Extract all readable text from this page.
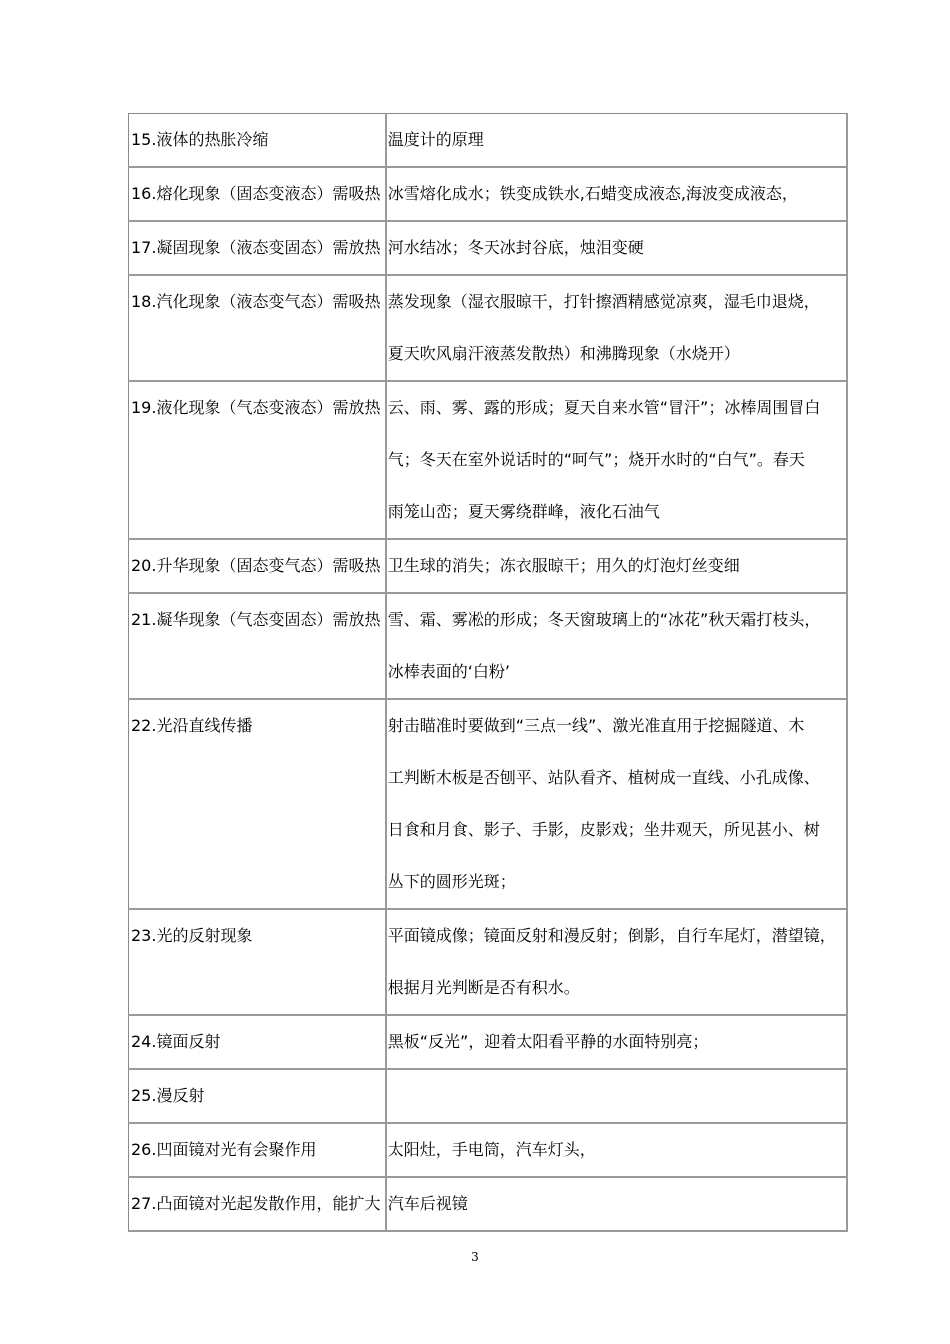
15.液体的热胀冷缩	温度计的原理

16.熔化现象（固态变液态）需吸热	冰雪熔化成水；铁变成铁水,石蜡变成液态,海波变成液态，

17.凝固现象（液态变固态）需放热	河水结冰；冬天冰封谷底，烛泪变硬

18.汽化现象（液态变气态）需吸热	蒸发现象（湿衣服晾干，打针擦酒精感觉凉爽，湿毛巾退烧，
夏天吹风扇汗液蒸发散热）和沸腾现象（水烧开）

19.液化现象（气态变液态）需放热	云、雨、雾、露的形成；夏天自来水管“冒汗”；冰棒周围冒白
气；冬天在室外说话时的“呵气”；烧开水时的“白气”。春天
雨笼山峦；夏天雾绕群峰，液化石油气

20.升华现象（固态变气态）需吸热	卫生球的消失；冻衣服晾干；用久的灯泡灯丝变细

21.凝华现象（气态变固态）需放热	雪、霜、雾凇的形成；冬天窗玻璃上的“冰花”秋天霜打枝头，
冰棒表面的‘白粉’

22.光沿直线传播	射击瞄准时要做到“三点一线”、激光准直用于挖掘隧道、木
工判断木板是否刨平、站队看齐、植树成一直线、小孔成像、
日食和月食、影子、手影，皮影戏；坐井观天，所见甚小、树
丛下的圆形光斑；

23.光的反射现象	平面镜成像；镜面反射和漫反射；倒影，自行车尾灯，潜望镜，
根据月光判断是否有积水。

24.镜面反射	黑板“反光”，迎着太阳看平静的水面特别亮；

25.漫反射	

26.凹面镜对光有会聚作用	太阳灶，手电筒，汽车灯头，

27.凸面镜对光起发散作用，能扩大	汽车后视镜
3
